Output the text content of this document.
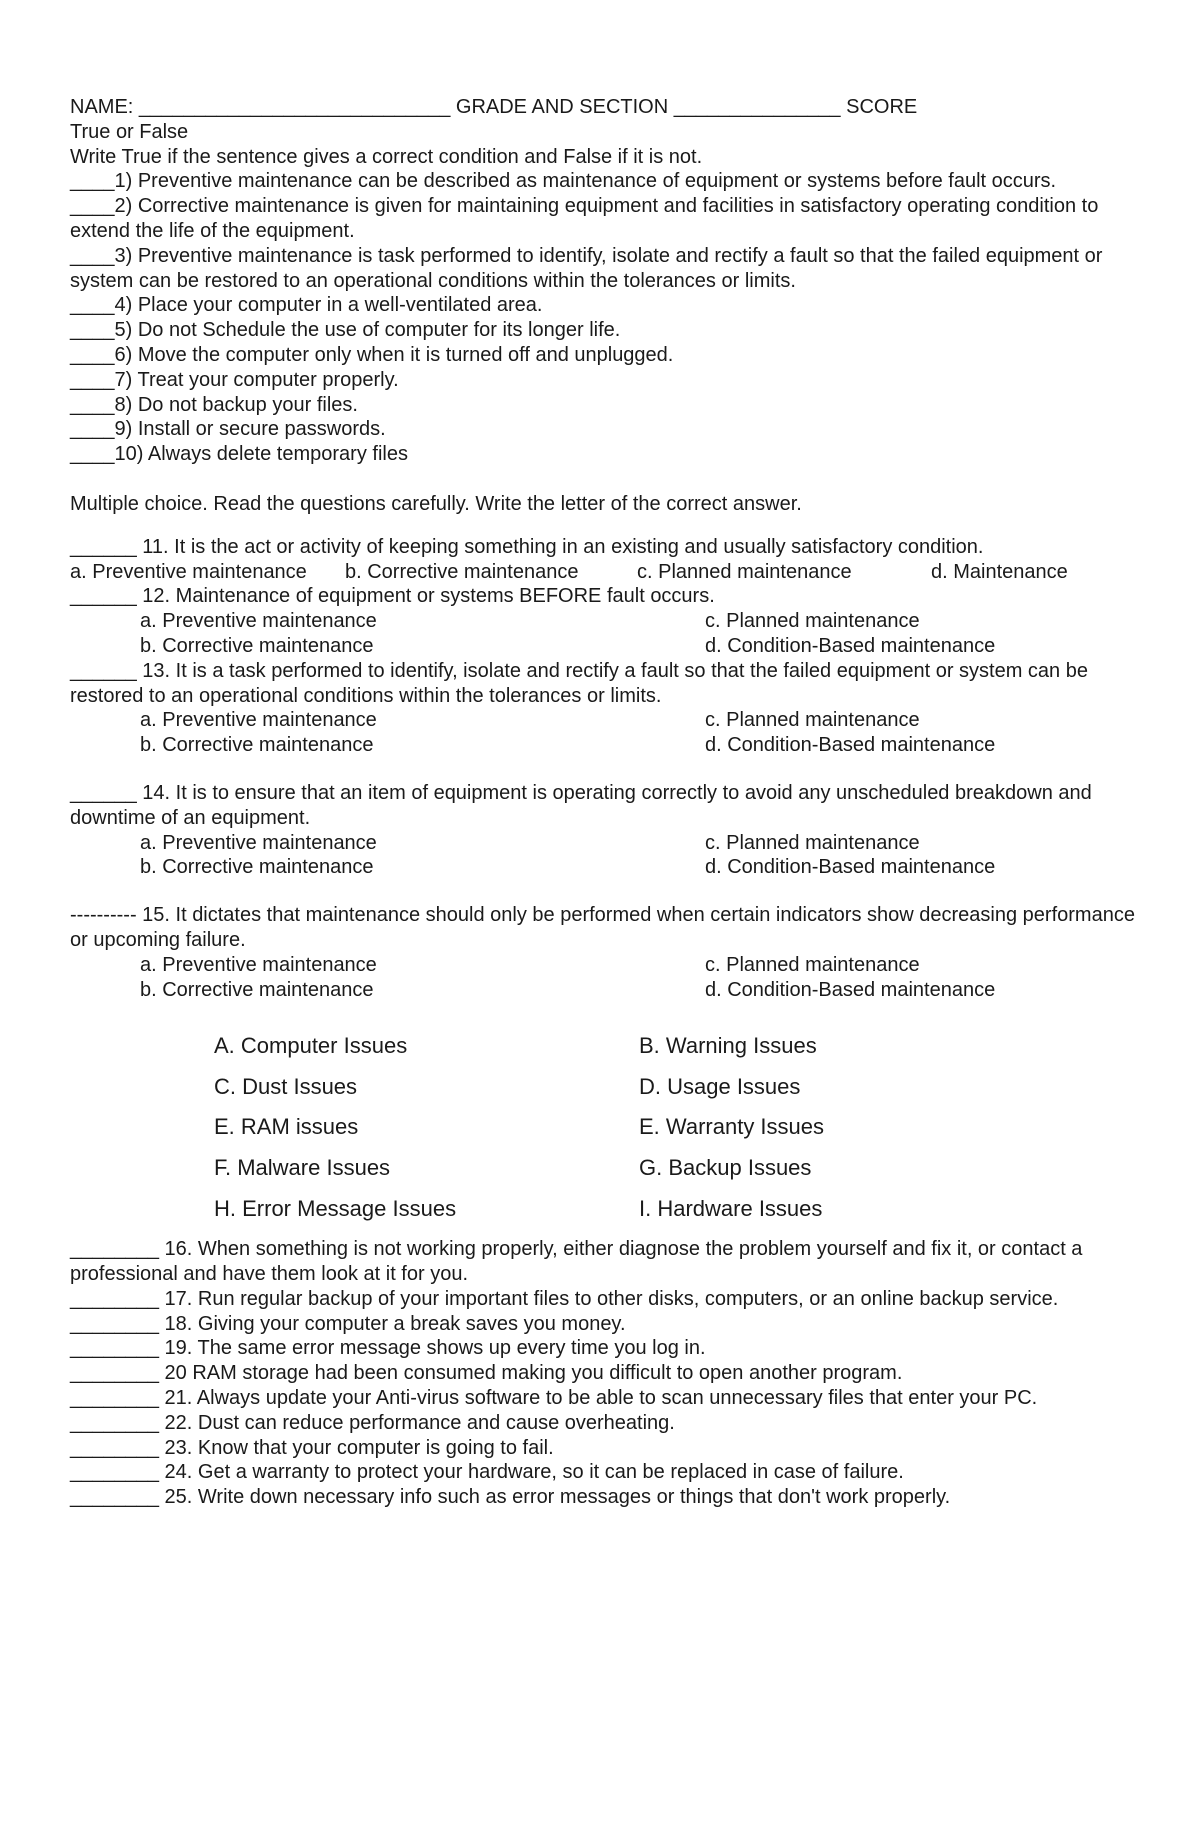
NAME: ____________________________ GRADE AND SECTION _______________ SCORE
True or False
Write True if the sentence gives a correct condition and False if it is not.
____1) Preventive maintenance can be described as maintenance of equipment or systems before fault occurs.
____2) Corrective maintenance is given for maintaining equipment and facilities in satisfactory operating condition to extend the life of the equipment.
____3) Preventive maintenance is task performed to identify, isolate and rectify a fault so that the failed equipment or system can be restored to an operational conditions within the tolerances or limits.
____4) Place your computer in a well-ventilated area.
____5) Do not Schedule the use of computer for its longer life.
____6) Move the computer only when it is turned off and unplugged.
____7) Treat your computer properly.
____8) Do not backup your files.
____9) Install or secure passwords.
____10) Always delete temporary files
Multiple choice. Read the questions carefully. Write the letter of the correct answer.
______ 11. It is the act or activity of keeping something in an existing and usually satisfactory condition.
a. Preventive maintenance	b. Corrective maintenance	c. Planned maintenance	d. Maintenance
______ 12. Maintenance of equipment or systems BEFORE fault occurs.
a. Preventive maintenance
b. Corrective maintenance
c. Planned maintenance
d. Condition-Based maintenance
______ 13. It is a task performed to identify, isolate and rectify a fault so that the failed equipment or system can be restored to an operational conditions within the tolerances or limits.
a. Preventive maintenance
b. Corrective maintenance
c. Planned maintenance
d. Condition-Based maintenance
______ 14. It is to ensure that an item of equipment is operating correctly to avoid any unscheduled breakdown and downtime of an equipment.
a. Preventive maintenance
b. Corrective maintenance
c. Planned maintenance
d. Condition-Based maintenance
---------- 15. It dictates that maintenance should only be performed when certain indicators show decreasing performance or upcoming failure.
a. Preventive maintenance
b. Corrective maintenance
c. Planned maintenance
d. Condition-Based maintenance
A. Computer Issues	B. Warning Issues
C. Dust Issues	D. Usage Issues
E. RAM issues	E. Warranty Issues
F. Malware Issues	G. Backup Issues
H. Error Message Issues	I. Hardware Issues
________ 16. When something is not working properly, either diagnose the problem yourself and fix it, or contact a professional and have them look at it for you.
________ 17. Run regular backup of your important files to other disks, computers, or an online backup service.
________ 18. Giving your computer a break saves you money.
________ 19. The same error message shows up every time you log in.
________ 20 RAM storage had been consumed making you difficult to open another program.
________ 21. Always update your Anti-virus software to be able to scan unnecessary files that enter your PC.
________ 22. Dust can reduce performance and cause overheating.
________ 23. Know that your computer is going to fail.
________ 24. Get a warranty to protect your hardware, so it can be replaced in case of failure.
________ 25. Write down necessary info such as error messages or things that don't work properly.
